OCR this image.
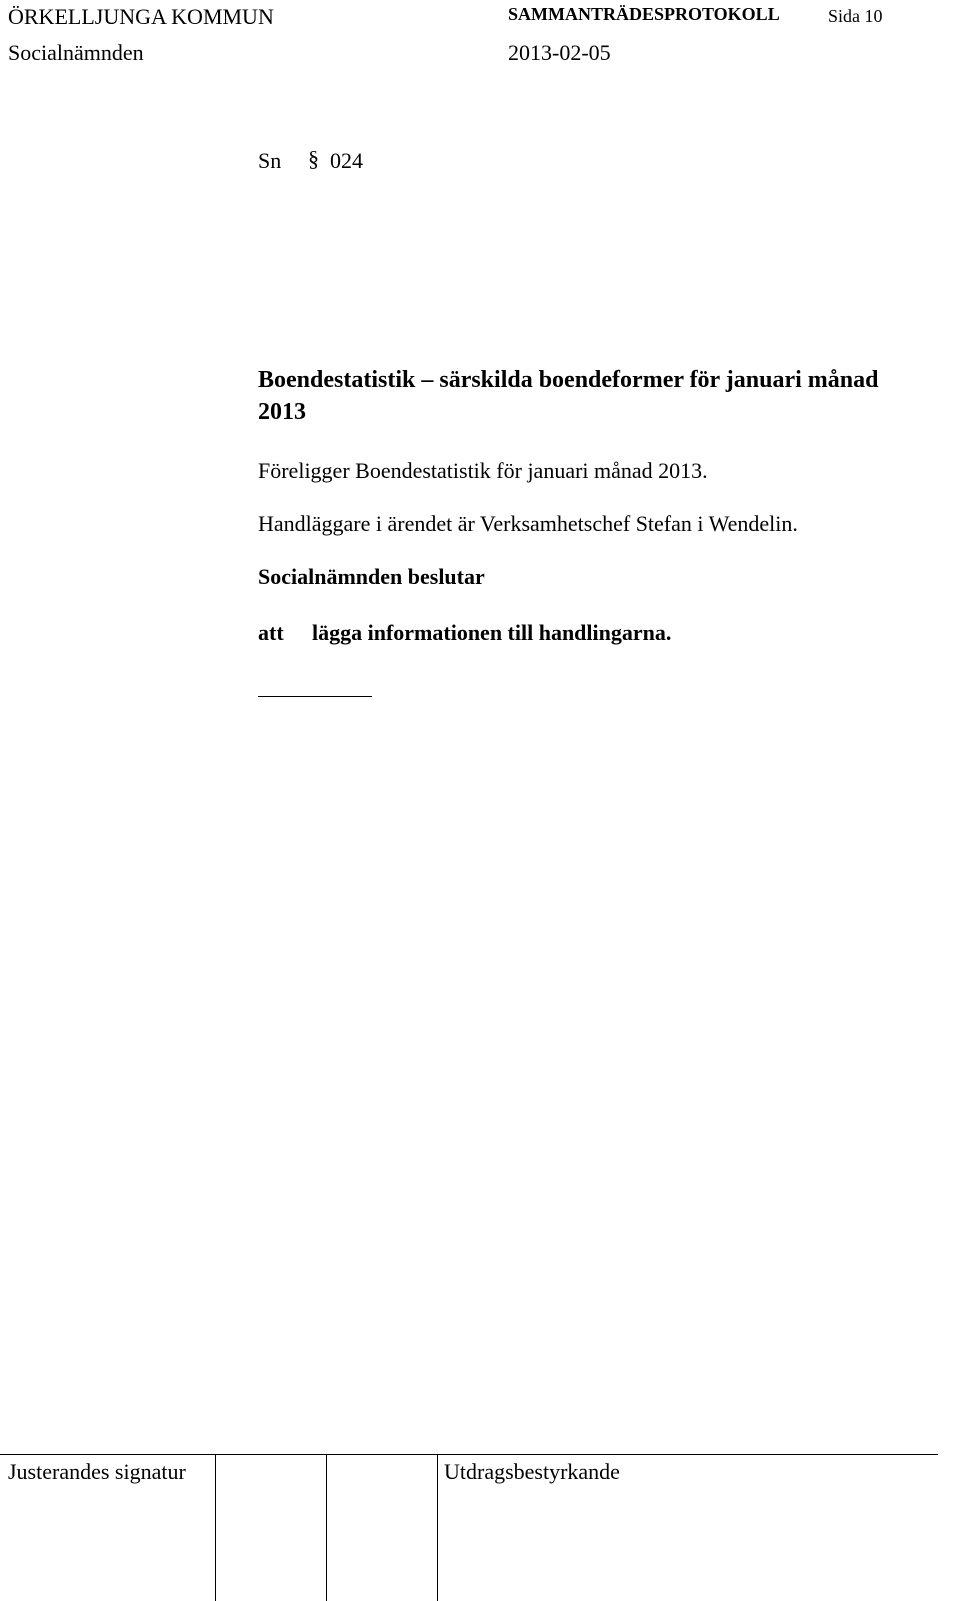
ÖRKELLJUNGA KOMMUN	SAMMANTRÄDESPROTOKOLL	Sida 10
Socialnämnden	2013-02-05
Sn § 024
Boendestatistik – särskilda boendeformer för januari månad 2013
Föreligger Boendestatistik för januari månad 2013.
Handläggare i ärendet är Verksamhetschef Stefan i Wendelin.
Socialnämnden beslutar
att lägga informationen till handlingarna.
Justerandes signatur	Utdragsbestyrkande
